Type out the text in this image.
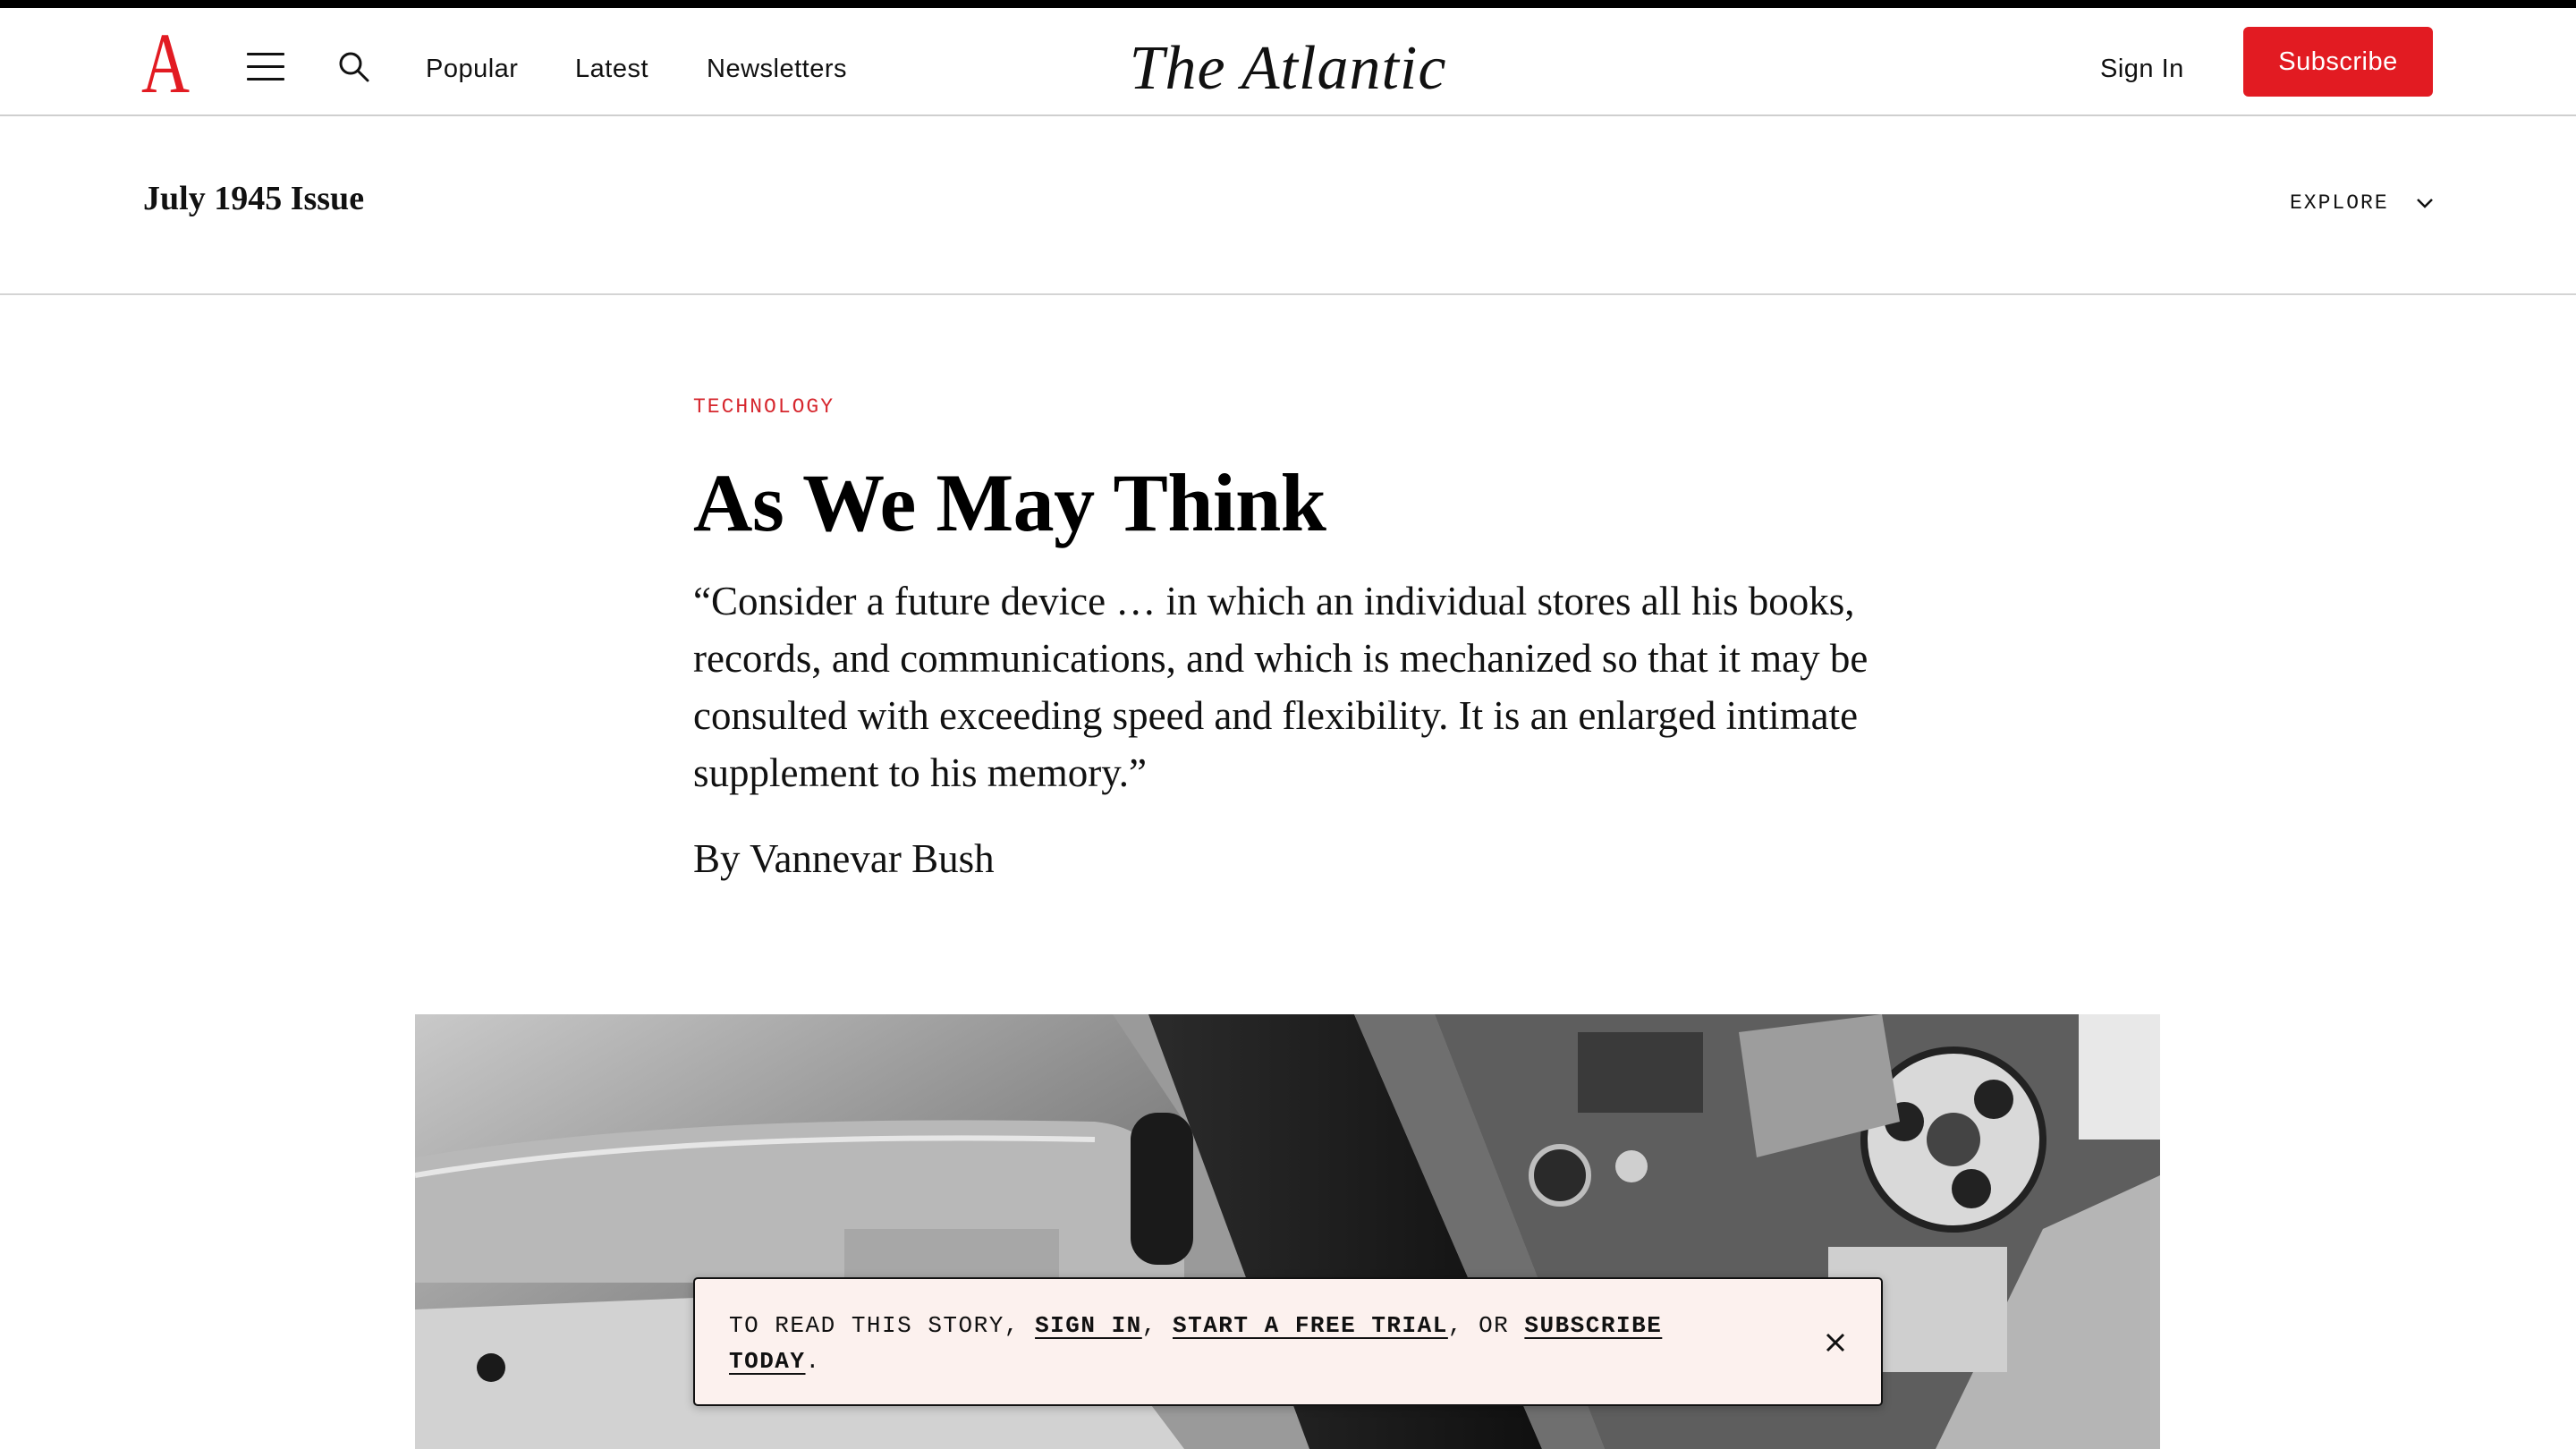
A	Popular Latest Newsletters	The Atlantic	Sign In	Subscribe
July 1945 Issue	EXPLORE
TECHNOLOGY
As We May Think

“Consider a future device … in which an individual stores all his books, records, and communications, and which is mechanized so that it may be consulted with exceeding speed and flexibility. It is an enlarged intimate supplement to his memory.”

By Vannevar Bush
TO READ THIS STORY, SIGN IN, START A FREE TRIAL, OR SUBSCRIBE TODAY.
